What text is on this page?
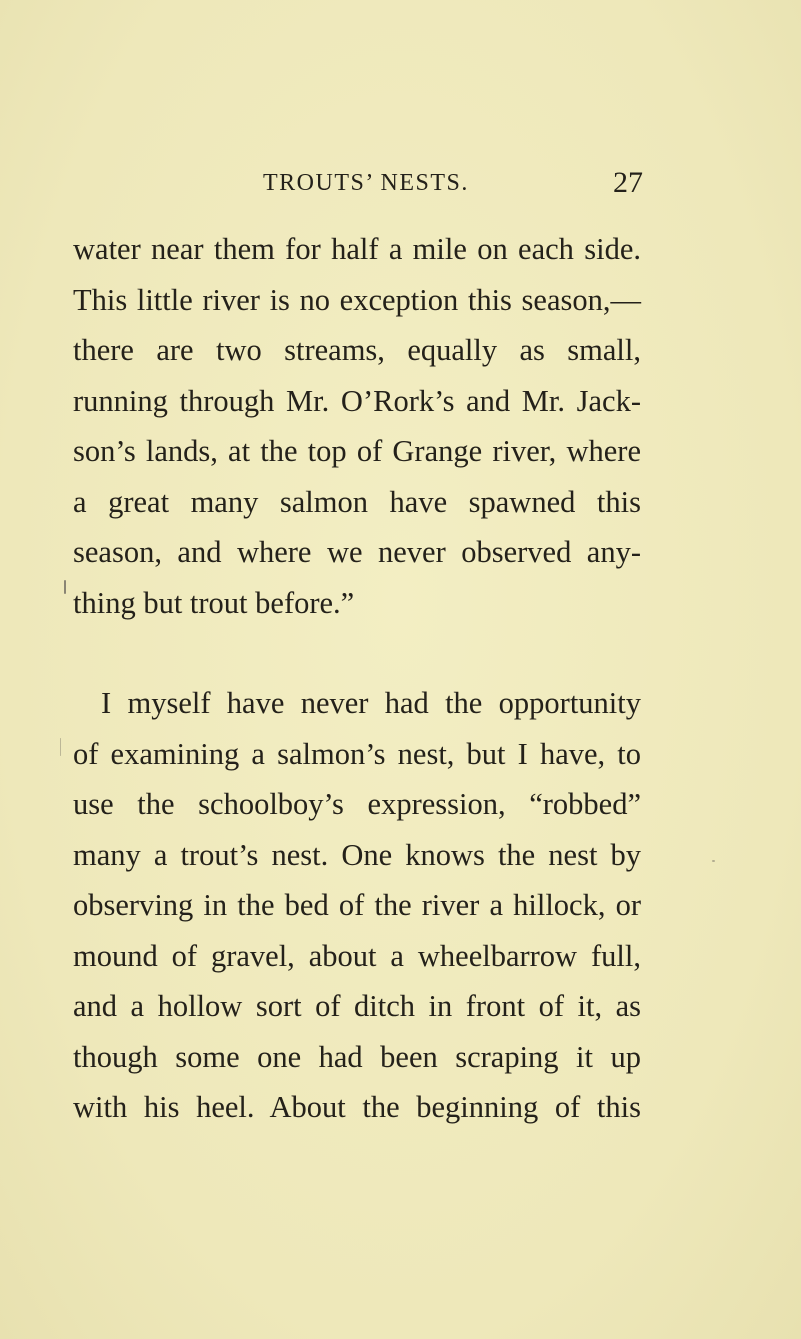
TROUTS’ NESTS.	27
water near them for half a mile on each side.
This little river is no exception this season,—
there are two streams, equally as small,
running through Mr. O’Rork’s and Mr. Jack-
son’s lands, at the top of Grange river, where
a great many salmon have spawned this
season, and where we never observed any-
thing but trout before.”
I myself have never had the opportunity
of examining a salmon’s nest, but I have, to
use the schoolboy’s expression, “robbed”
many a trout’s nest. One knows the nest by
observing in the bed of the river a hillock, or
mound of gravel, about a wheelbarrow full,
and a hollow sort of ditch in front of it, as
though some one had been scraping it up
with his heel. About the beginning of this
